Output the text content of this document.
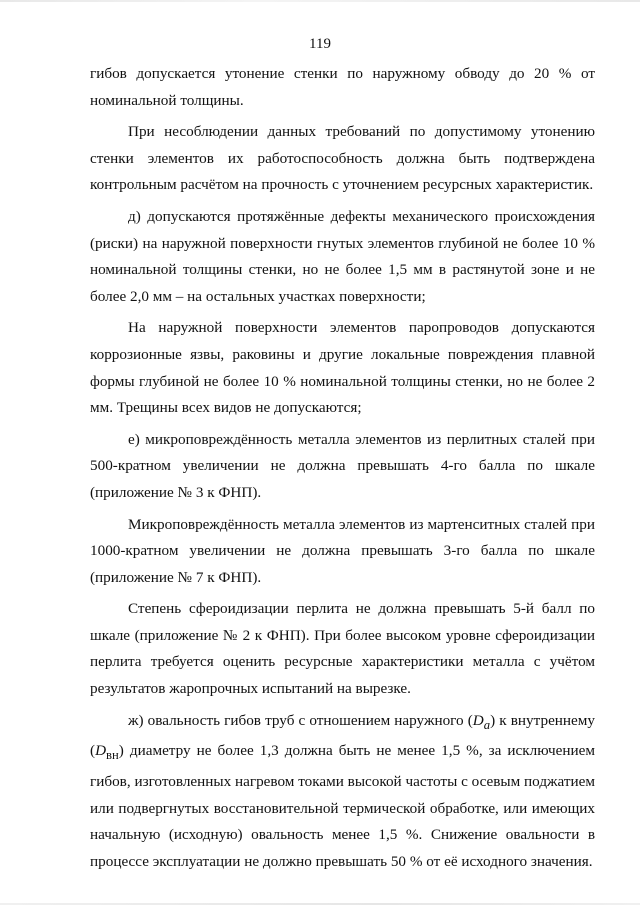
119

гибов допускается утонение стенки по наружному обводу до 20 % от номинальной толщины.

При несоблюдении данных требований по допустимому утонению стенки элементов их работоспособность должна быть подтверждена контрольным расчётом на прочность с уточнением ресурсных характеристик.

д) допускаются протяжённые дефекты механического происхождения (риски) на наружной поверхности гнутых элементов глубиной не более 10 % номинальной толщины стенки, но не более 1,5 мм в растянутой зоне и не более 2,0 мм – на остальных участках поверхности;

На наружной поверхности элементов паропроводов допускаются коррозионные язвы, раковины и другие локальные повреждения плавной формы глубиной не более 10 % номинальной толщины стенки, но не более 2 мм. Трещины всех видов не допускаются;

е) микроповреждённость металла элементов из перлитных сталей при 500-кратном увеличении не должна превышать 4-го балла по шкале (приложение № 3 к ФНП).

Микроповреждённость металла элементов из мартенситных сталей при 1000-кратном увеличении не должна превышать 3-го балла по шкале (приложение № 7 к ФНП).

Степень сфероидизации перлита не должна превышать 5-й балл по шкале (приложение № 2 к ФНП). При более высоком уровне сфероидизации перлита требуется оценить ресурсные характеристики металла с учётом результатов жаропрочных испытаний на вырезке.

ж) овальность гибов труб с отношением наружного $(D_a)$ к внутреннему $(D_{вн})$ диаметру не более 1,3 должна быть не менее 1,5 %, за исключением гибов, изготовленных нагревом токами высокой частоты с осевым поджатием или подвергнутых восстановительной термической обработке, или имеющих начальную (исходную) овальность менее 1,5 %. Снижение овальности в процессе эксплуатации не должно превышать 50 % от её исходного значения.
